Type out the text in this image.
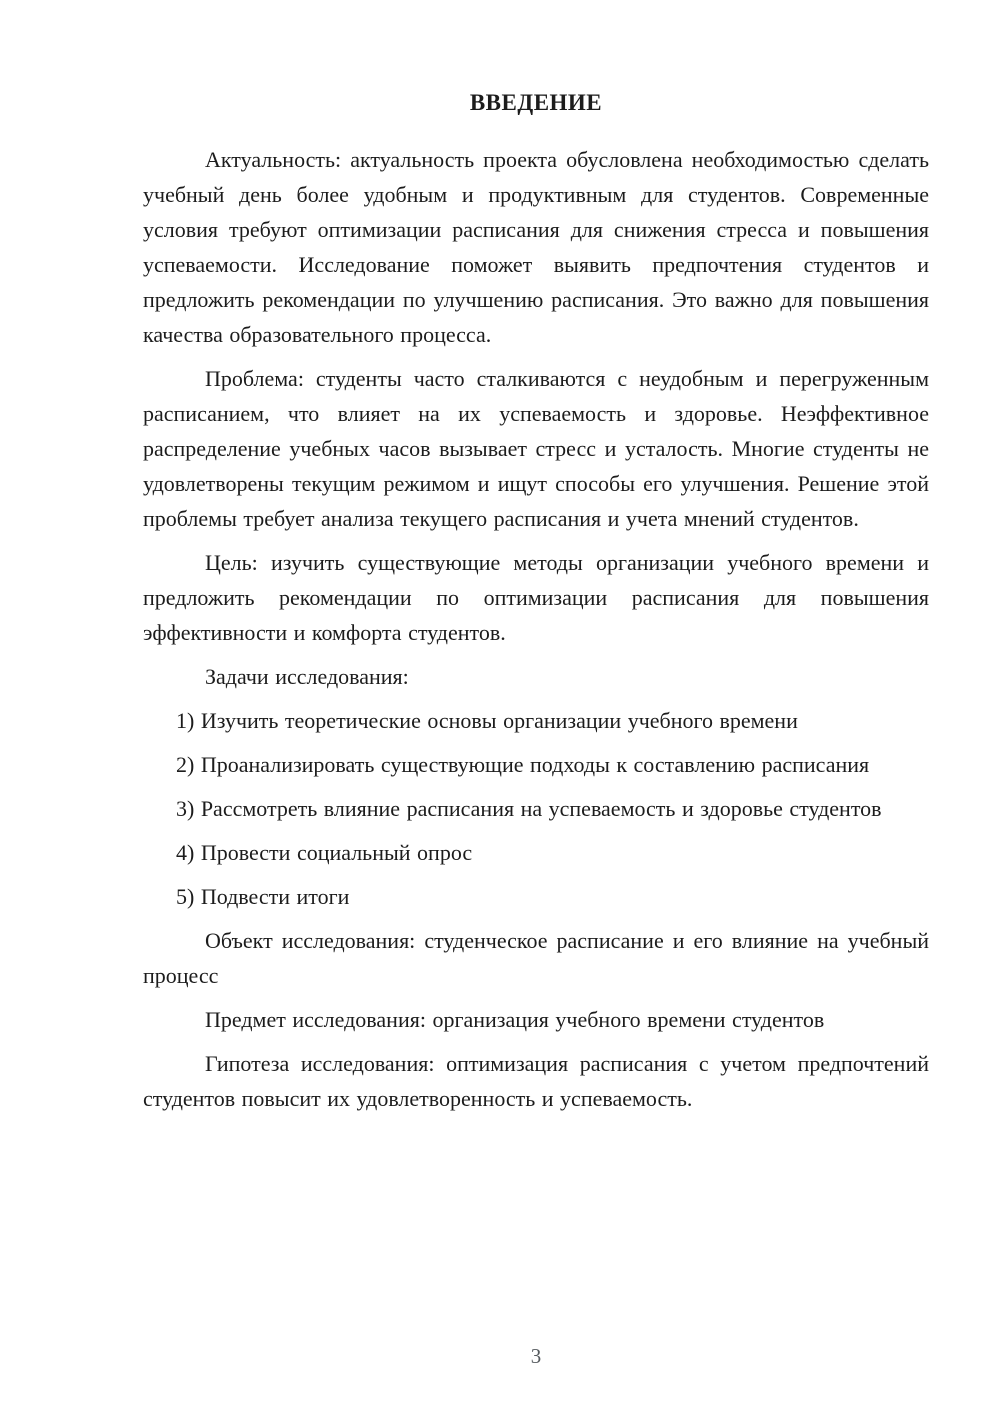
ВВЕДЕНИЕ

Актуальность: актуальность проекта обусловлена необходимостью сделать учебный день более удобным и продуктивным для студентов. Современные условия требуют оптимизации расписания для снижения стресса и повышения успеваемости. Исследование поможет выявить предпочтения студентов и предложить рекомендации по улучшению расписания. Это важно для повышения качества образовательного процесса.

Проблема: студенты часто сталкиваются с неудобным и перегруженным расписанием, что влияет на их успеваемость и здоровье. Неэффективное распределение учебных часов вызывает стресс и усталость. Многие студенты не удовлетворены текущим режимом и ищут способы его улучшения. Решение этой проблемы требует анализа текущего расписания и учета мнений студентов.

Цель: изучить существующие методы организации учебного времени и предложить рекомендации по оптимизации расписания для повышения эффективности и комфорта студентов.

Задачи исследования:

1) Изучить теоретические основы организации учебного времени

2) Проанализировать существующие подходы к составлению расписания

3) Рассмотреть влияние расписания на успеваемость и здоровье студентов

4) Провести социальный опрос

5) Подвести итоги

Объект исследования: студенческое расписание и его влияние на учебный процесс

Предмет исследования: организация учебного времени студентов

Гипотеза исследования: оптимизация расписания с учетом предпочтений студентов повысит их удовлетворенность и успеваемость.

3
